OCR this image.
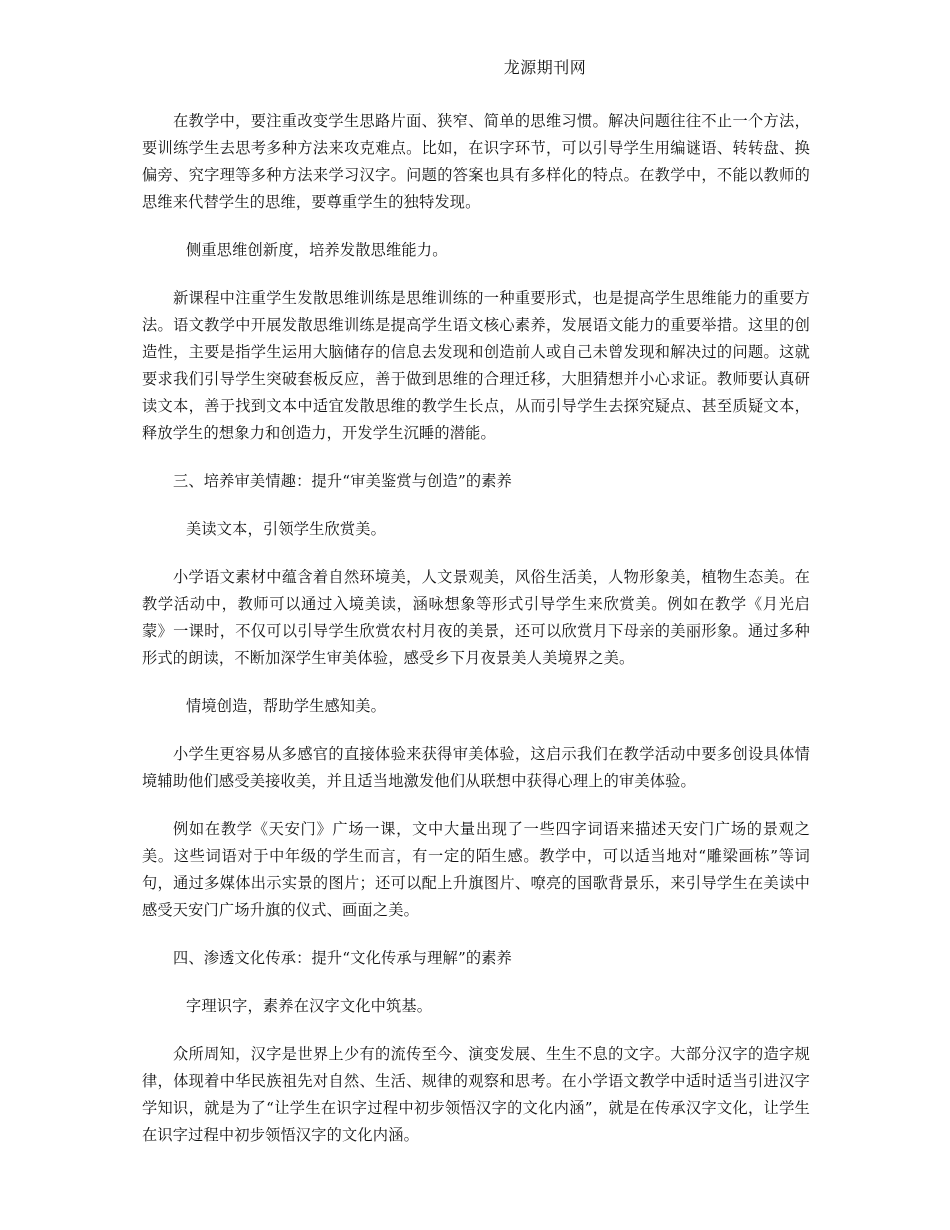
龙源期刊网

在教学中，要注重改变学生思路片面、狭窄、简单的思维习惯。解决问题往往不止一个方法，要训练学生去思考多种方法来攻克难点。比如，在识字环节，可以引导学生用编谜语、转转盘、换偏旁、究字理等多种方法来学习汉字。问题的答案也具有多样化的特点。在教学中，不能以教师的思维来代替学生的思维，要尊重学生的独特发现。

侧重思维创新度，培养发散思维能力。

新课程中注重学生发散思维训练是思维训练的一种重要形式，也是提高学生思维能力的重要方法。语文教学中开展发散思维训练是提高学生语文核心素养，发展语文能力的重要举措。这里的创造性，主要是指学生运用大脑储存的信息去发现和创造前人或自己未曾发现和解决过的问题。这就要求我们引导学生突破套板反应，善于做到思维的合理迁移，大胆猜想并小心求证。教师要认真研读文本，善于找到文本中适宜发散思维的教学生长点，从而引导学生去探究疑点、甚至质疑文本，释放学生的想象力和创造力，开发学生沉睡的潜能。

三、培养审美情趣：提升“审美鉴赏与创造”的素养

美读文本，引领学生欣赏美。

小学语文素材中蕴含着自然环境美，人文景观美，风俗生活美，人物形象美，植物生态美。在教学活动中，教师可以通过入境美读，涵咏想象等形式引导学生来欣赏美。例如在教学《月光启蒙》一课时，不仅可以引导学生欣赏农村月夜的美景，还可以欣赏月下母亲的美丽形象。通过多种形式的朗读，不断加深学生审美体验，感受乡下月夜景美人美境界之美。

情境创造，帮助学生感知美。

小学生更容易从多感官的直接体验来获得审美体验，这启示我们在教学活动中要多创设具体情境辅助他们感受美接收美，并且适当地激发他们从联想中获得心理上的审美体验。

例如在教学《天安门》广场一课，文中大量出现了一些四字词语来描述天安门广场的景观之美。这些词语对于中年级的学生而言，有一定的陌生感。教学中，可以适当地对“雕梁画栋”等词句，通过多媒体出示实景的图片；还可以配上升旗图片、嘹亮的国歌背景乐，来引导学生在美读中感受天安门广场升旗的仪式、画面之美。

四、渗透文化传承：提升“文化传承与理解”的素养

字理识字，素养在汉字文化中筑基。

众所周知，汉字是世界上少有的流传至今、演变发展、生生不息的文字。大部分汉字的造字规律，体现着中华民族祖先对自然、生活、规律的观察和思考。在小学语文教学中适时适当引进汉字学知识，就是为了“让学生在识字过程中初步领悟汉字的文化内涵”，就是在传承汉字文化，让学生在识字过程中初步领悟汉字的文化内涵。
